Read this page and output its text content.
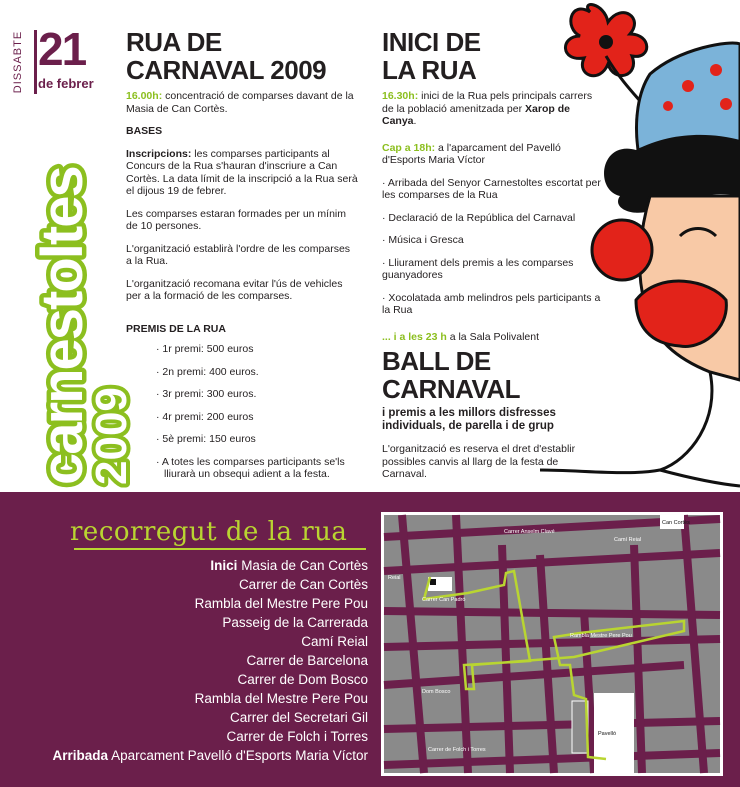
DISSABTE 21
de febrer
carnestoltes
2009
RUA DE
CARNAVAL 2009

16.00h: concentració de comparses davant de la Masia de Can Cortès.

BASES

Inscripcions: les comparses participants al Concurs de la Rua s'hauran d'inscriure a Can Cortès. La data límit de la inscripció a la Rua serà el dijous 19 de febrer.

Les comparses estaran formades per un mínim de 10 persones.

L'organització establirà l'ordre de les comparses a la Rua.

L'organització recomana evitar l'ús de vehicles per a la formació de les comparses.

PREMIS DE LA RUA

· 1r premi: 500 euros

· 2n premi: 400 euros.

· 3r premi: 300 euros.

· 4r premi: 200 euros

· 5è premi: 150 euros

· A totes les comparses participants se'ls lliurarà un obsequi adient a la festa.

INICI DE
LA RUA

16.30h: inici de la Rua pels principals carrers de la població amenitzada per Xarop de Canya.

Cap a 18h: a l'aparcament del Pavelló d'Esports Maria Víctor

· Arribada del Senyor Carnestoltes escortat per les comparses de la Rua

· Declaració de la República del Carnaval

· Música i Gresca

· Lliurament dels premis a les comparses guanyadores

· Xocolatada amb melindros pels participants a la Rua

... i a les 23 h a la Sala Polivalent

BALL DE
CARNAVAL

i premis a les millors disfresses individuals, de parella i de grup

L'organització es reserva el dret d'establir possibles canvis al llarg de la festa de Carnaval.

recorregut de la rua
Inici Masia de Can Cortès
Carrer de Can Cortès
Rambla del Mestre Pere Pou
Passeig de la Carrerada
Camí Reial
Carrer de Barcelona
Carrer de Dom Bosco
Rambla del Mestre Pere Pou
Carrer del Secretari Gil
Carrer de Folch i Torres
Arribada Aparcament Pavelló d'Esports Maria Víctor
Carrer Anselm Clavé
Camí Reial
Can Cortès
Carrer Can Padró
Rambla Mestre Pere Pou
Carrer de Folch i Torres
Dom Bosco
Reial
Pavelló
